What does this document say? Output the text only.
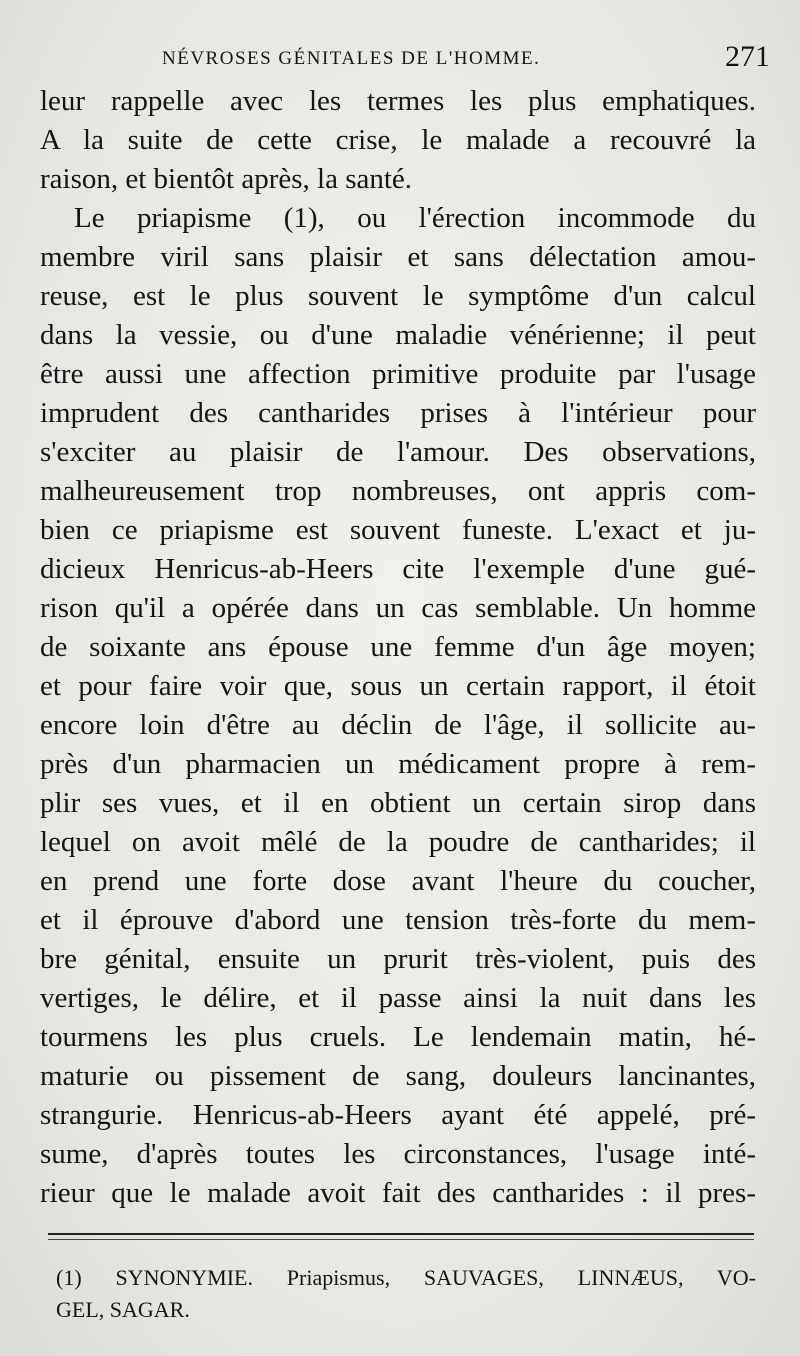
NÉVROSES GÉNITALES DE L'HOMME.	271
leur rappelle avec les termes les plus emphatiques.
A la suite de cette crise, le malade a recouvré la
raison, et bientôt après, la santé.
Le priapisme (1), ou l'érection incommode du
membre viril sans plaisir et sans délectation amou-
reuse, est le plus souvent le symptôme d'un calcul
dans la vessie, ou d'une maladie vénérienne; il peut
être aussi une affection primitive produite par l'usage
imprudent des cantharides prises à l'intérieur pour
s'exciter au plaisir de l'amour. Des observations,
malheureusement trop nombreuses, ont appris com-
bien ce priapisme est souvent funeste. L'exact et ju-
dicieux Henricus-ab-Heers cite l'exemple d'une gué-
rison qu'il a opérée dans un cas semblable. Un homme
de soixante ans épouse une femme d'un âge moyen;
et pour faire voir que, sous un certain rapport, il étoit
encore loin d'être au déclin de l'âge, il sollicite au-
près d'un pharmacien un médicament propre à rem-
plir ses vues, et il en obtient un certain sirop dans
lequel on avoit mêlé de la poudre de cantharides; il
en prend une forte dose avant l'heure du coucher,
et il éprouve d'abord une tension très-forte du mem-
bre génital, ensuite un prurit très-violent, puis des
vertiges, le délire, et il passe ainsi la nuit dans les
tourmens les plus cruels. Le lendemain matin, hé-
maturie ou pissement de sang, douleurs lancinantes,
strangurie. Henricus-ab-Heers ayant été appelé, pré-
sume, d'après toutes les circonstances, l'usage inté-
rieur que le malade avoit fait des cantharides : il pres-
(1) SYNONYMIE. Priapismus, SAUVAGES, LINNÆUS, VO-
GEL, SAGAR.
